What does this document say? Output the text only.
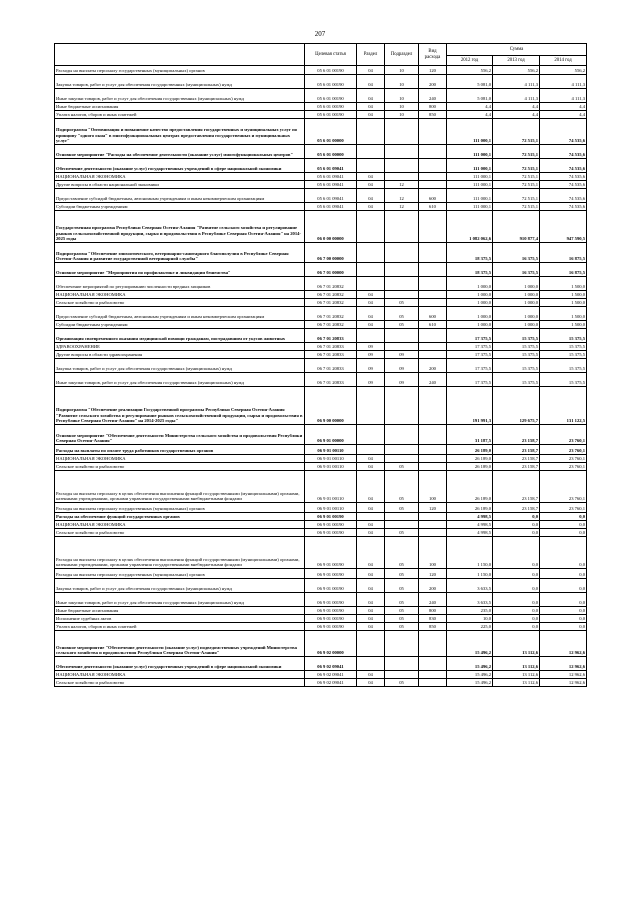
207
	Целевая статья	Раздел	Подраздел	Вид расхода	Сумма		
					2012 год	2013 год	2014 год
Расходы на выплаты персоналу государственных (муниципальных) органов	05 6 01 00190	04	10	120	556,2	556,2	556,2
Закупка товаров, работ и услуг для обеспечения государственных (муниципальных) нужд	05 6 01 00190	04	10	200	5 081,0	4 111,3	4 111,3
Иные закупки товаров, работ и услуг для обеспечения государственных (муниципальных) нужд	05 6 01 00190	04	10	240	5 081,0	4 111,3	4 111,3
Иные бюджетные ассигнования	05 6 01 00190	04	10	800	4,4	4,4	4,4
Уплата налогов, сборов и иных платежей	05 6 01 00190	04	10	850	4,4	4,4	4,4
Подпрограмма "Оптимизация и повышение качество предоставления государственных и муниципальных услуг по принципу "одного окна" в многофункциональных центрах предоставления государственных и муниципальных услуг"	05 6 01 00000				111 000,1	72 515,1	74 535,6
Основное мероприятие "Расходы на обеспечение деятельности (оказание услуг) многофункциональных центров"	05 6 01 00000				111 000,1	72 515,1	74 535,6
Обеспечение деятельности (оказание услуг) государственных учреждений в сфере национальной экономики	05 6 01 09041				111 000,1	72 515,1	74 535,6
НАЦИОНАЛЬНАЯ ЭКОНОМИКА	05 6 01 09041	04			111 000,1	72 515,1	74 535,6
Другие вопросы в области национальной экономики	05 6 01 09041	04	12		111 000,1	72 515,1	74 535,6
Предоставление субсидий бюджетным, автономным учреждениям и иным некоммерческим организациям	05 6 01 09041	04	12	600	111 000,1	72 515,1	74 535,6
Субсидии бюджетным учреждениям	05 6 01 09041	04	12	610	111 000,1	72 515,1	74 535,6
Государственная программа Республики Северная Осетия-Алания "Развитие сельского хозяйства и регулирование рынков сельскохозяйственной продукции, сырья и продовольствия в Республике Северная Осетия-Алания" на 2014-2025 годы	06 0 00 00000				1 082 062,6	910 877,4	947 590,5
Подпрограмма "Обеспечение эпизоотического, ветеринарно-санитарного благополучия в Республике Северная Осетия-Алания и развитие государственной ветеринарной службы"	06 7 00 00000				18 375,5	16 375,5	16 875,5
Основное мероприятие "Мероприятия по профилактике и ликвидации бешенства"	06 7 01 00000				18 375,5	16 375,5	16 875,5
Обеспечение мероприятий по регулированию численности вредных хищников	06 7 01 20832				1 000,0	1 000,0	1 500,0
НАЦИОНАЛЬНАЯ ЭКОНОМИКА	06 7 01 20832	04			1 000,0	1 000,0	1 500,0
Сельское хозяйство и рыболовство	06 7 01 20832	04	05		1 000,0	1 000,0	1 500,0
Предоставление субсидий бюджетным, автономным учреждениям и иным некоммерческим организациям	06 7 01 20832	04	05	600	1 000,0	1 000,0	1 500,0
Субсидии бюджетным учреждениям	06 7 01 20832	04	05	610	1 000,0	1 000,0	1 500,0
Организация своевременного оказания медицинской помощи гражданам, пострадавшим от укусов животных	06 7 01 20833				17 375,5	15 375,5	15 375,5
ЗДРАВООХРАНЕНИЕ	06 7 01 20833	09			17 375,5	15 375,5	15 375,5
Другие вопросы в области здравоохранения	06 7 01 20833	09	09		17 375,5	15 375,5	15 375,5
Закупка товаров, работ и услуг для обеспечения государственных (муниципальных) нужд	06 7 01 20833	09	09	200	17 375,5	15 375,5	15 375,5
Иные закупки товаров, работ и услуг для обеспечения государственных (муниципальных) нужд	06 7 01 20833	09	09	240	17 375,5	15 375,5	15 375,5
Подпрограмма "Обеспечение реализации Государственной программы Республики Северная Осетия-Алания "Развитие сельского хозяйства и регулирование рынков сельскохозяйственной продукции, сырья и продовольствия в Республике Северная Осетия-Алания" на 2014-2025 годы"	06 9 00 00000				191 991,3	129 675,7	131 122,5
Основное мероприятие "Обеспечение деятельности Министерства сельского хозяйства и продовольствия Республики Северная Осетия-Алания"	06 9 01 00000				31 187,5	23 158,7	23 760,1
Расходы на выплаты по оплате труда работников государственных органов	06 9 01 00110				26 189,0	23 158,7	23 760,1
НАЦИОНАЛЬНАЯ ЭКОНОМИКА	06 9 01 00110	04			26 189,0	23 158,7	23 760,1
Сельское хозяйство и рыболовство	06 9 01 00110	04	05		26 189,0	23 158,7	23 760,1
Расходы на выплаты персоналу в целях обеспечения выполнения функций государственными (муниципальными) органами, казенными учреждениями, органами управления государственными внебюджетными фондами	06 9 01 00110	04	05	100	26 189,0	23 158,7	23 760,1
Расходы на выплаты персоналу государственных (муниципальных) органов	06 9 01 00110	04	05	120	26 189,0	23 158,7	23 760,1
Расходы на обеспечение функций государственных органов	06 9 01 00190				4 998,5	0,0	0,0
НАЦИОНАЛЬНАЯ ЭКОНОМИКА	06 9 01 00190	04			4 998,5	0,0	0,0
Сельское хозяйство и рыболовство	06 9 01 00190	04	05		4 998,5	0,0	0,0
Расходы на выплаты персоналу в целях обеспечения выполнения функций государственными (муниципальными) органами, казенными учреждениями, органами управления государственными внебюджетными фондами	06 9 01 00190	04	05	100	1 150,0	0,0	0,0
Расходы на выплаты персоналу государственных (муниципальных) органов	06 9 01 00190	04	05	120	1 150,0	0,0	0,0
Закупка товаров, работ и услуг для обеспечения государственных (муниципальных) нужд	06 9 01 00190	04	05	200	3 633,5	0,0	0,0
Иные закупки товаров, работ и услуг для обеспечения государственных (муниципальных) нужд	06 9 01 00190	04	05	240	3 633,5	0,0	0,0
Иные бюджетные ассигнования	06 9 01 00190	04	05	800	235,0	0,0	0,0
Исполнение судебных актов	06 9 01 00190	04	05	830	10,0	0,0	0,0
Уплата налогов, сборов и иных платежей	06 9 01 00190	04	05	850	225,0	0,0	0,0
Основное мероприятие "Обеспечение деятельности (оказание услуг) подведомственных учреждений Министерства сельского хозяйства и продовольствия Республики Северная Осетия-Алания"	06 9 02 00000				15 496,2	13 112,6	12 962,6
Обеспечение деятельности (оказание услуг) государственных учреждений в сфере национальной экономики	06 9 02 09041				15 496,2	13 112,6	12 962,6
НАЦИОНАЛЬНАЯ ЭКОНОМИКА	06 9 02 09041	04			15 496,2	13 112,6	12 962,6
Сельское хозяйство и рыболовство	06 9 02 09041	04	05		15 496,2	13 112,6	12 962,6
